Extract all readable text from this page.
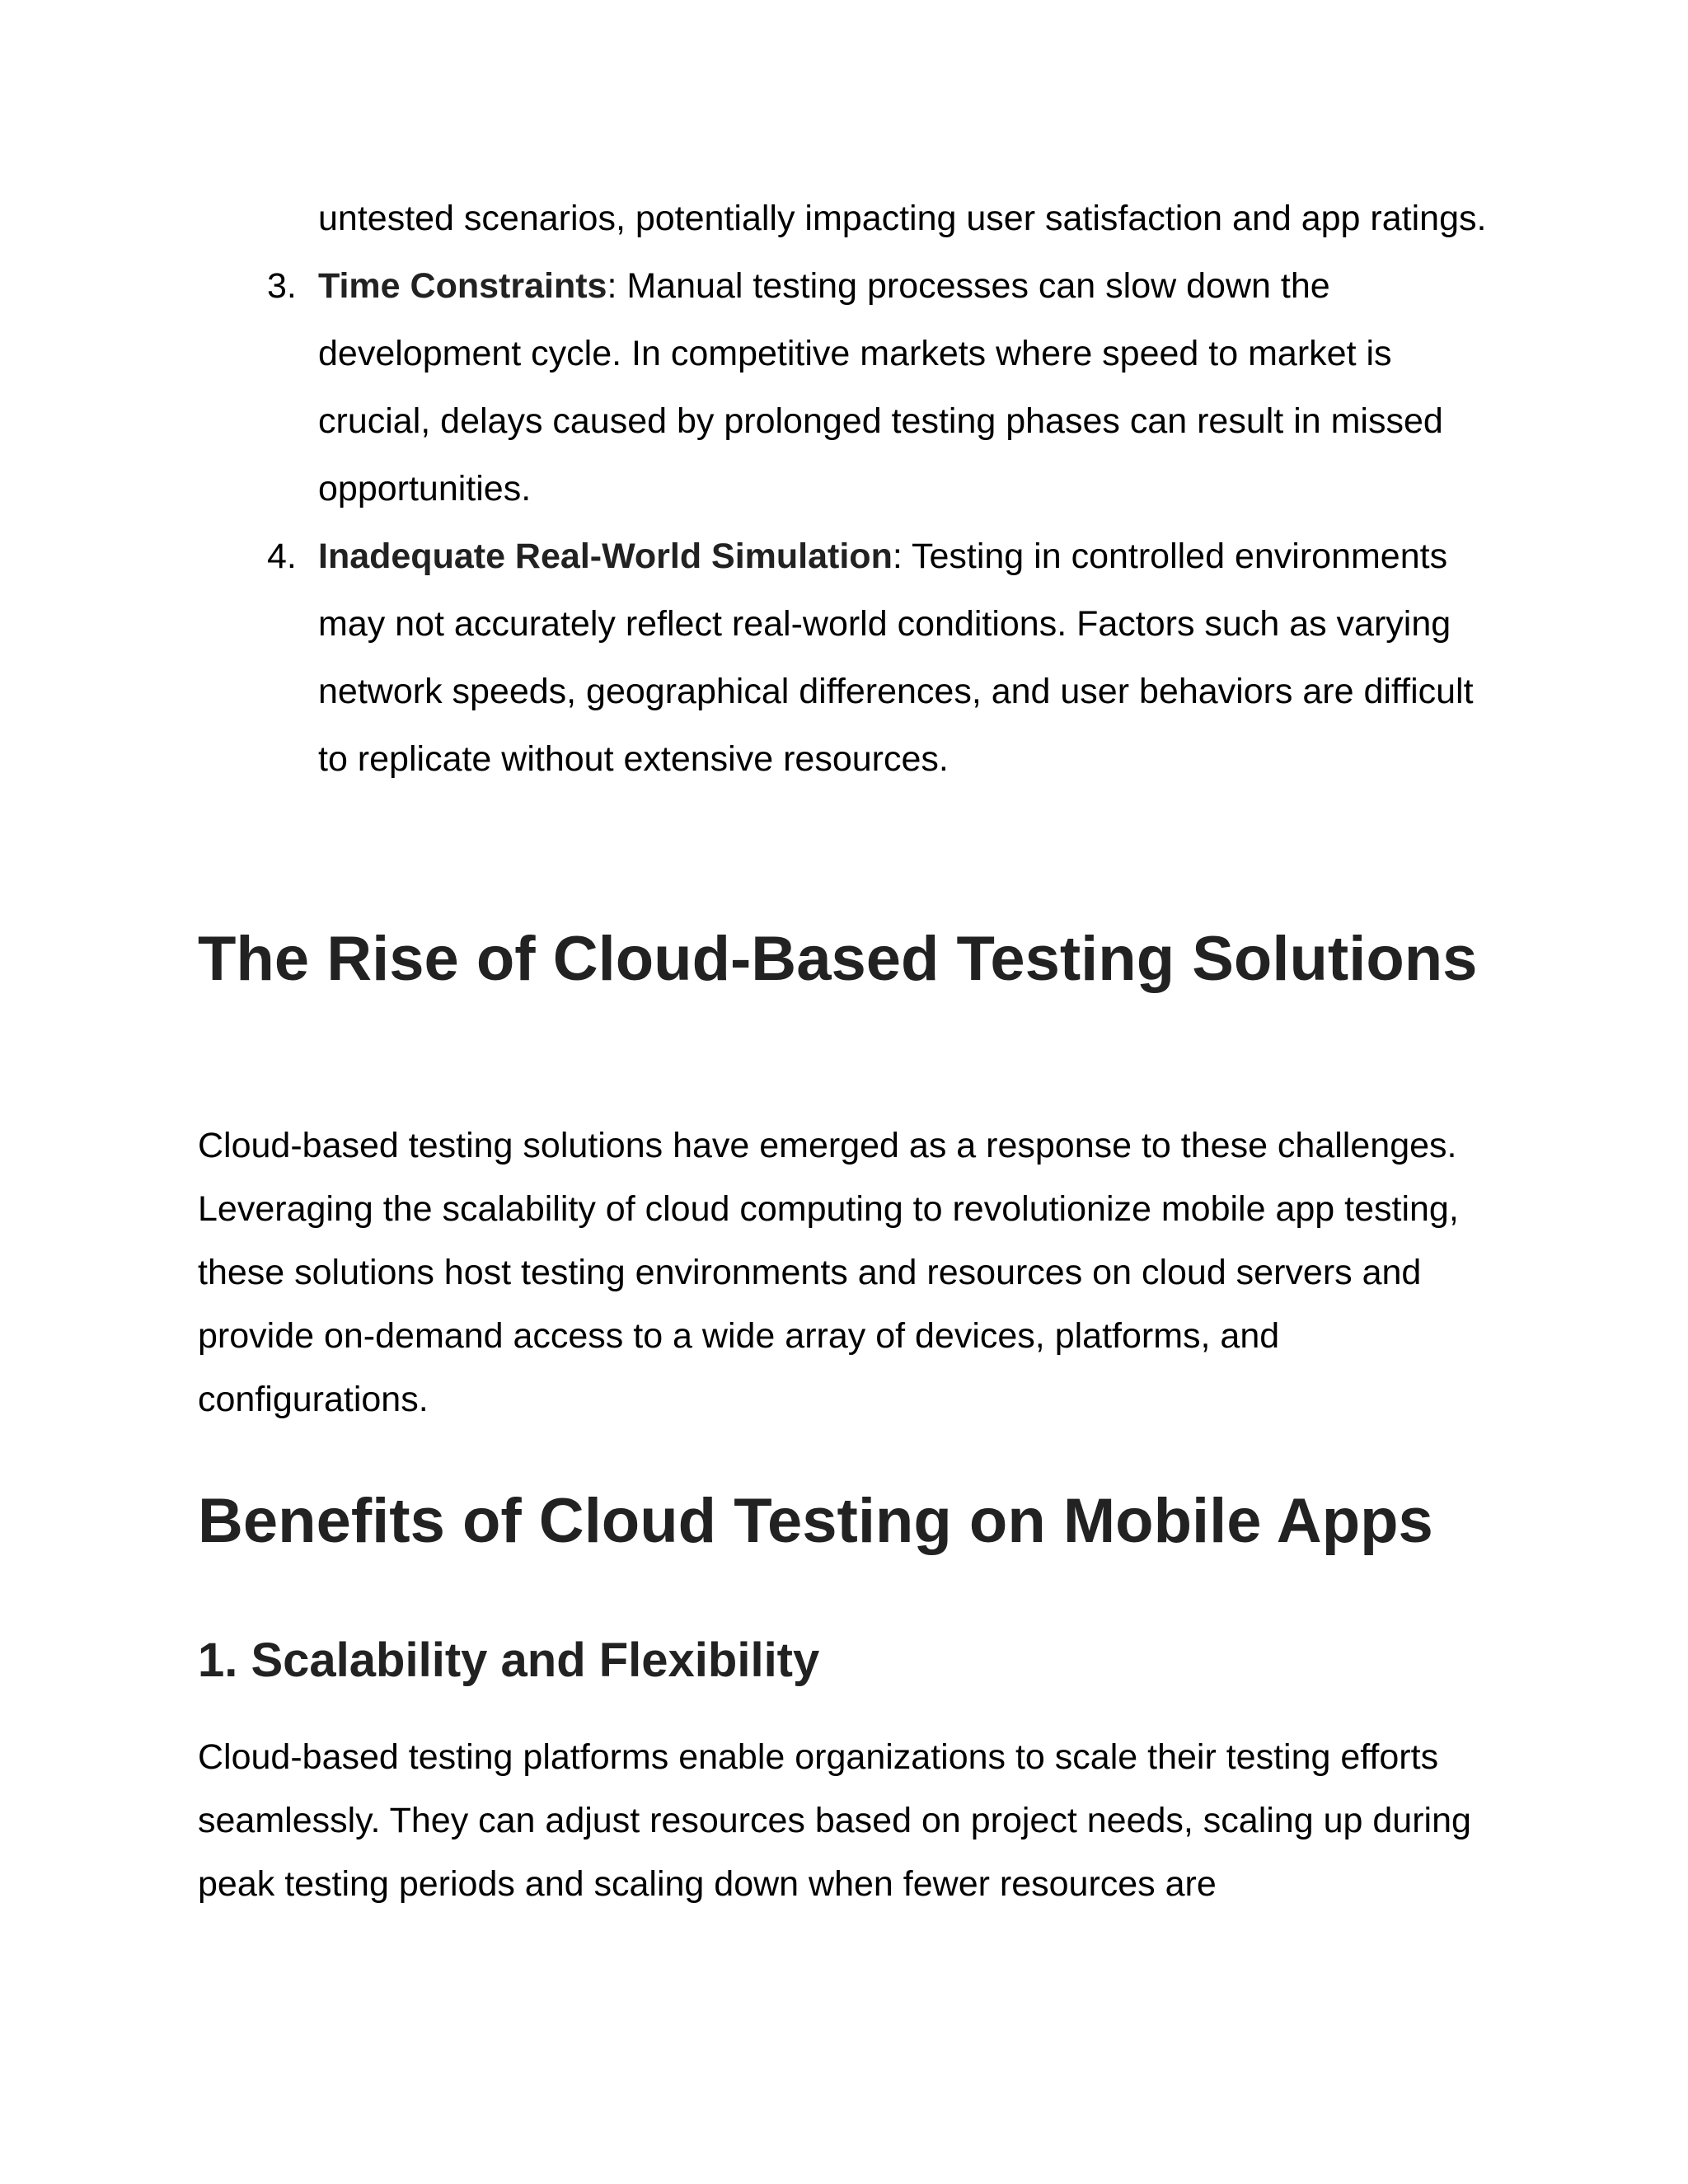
untested scenarios, potentially impacting user satisfaction and app ratings.
3. Time Constraints: Manual testing processes can slow down the development cycle. In competitive markets where speed to market is crucial, delays caused by prolonged testing phases can result in missed opportunities.
4. Inadequate Real-World Simulation: Testing in controlled environments may not accurately reflect real-world conditions. Factors such as varying network speeds, geographical differences, and user behaviors are difficult to replicate without extensive resources.
The Rise of Cloud-Based Testing Solutions

Cloud-based testing solutions have emerged as a response to these challenges. Leveraging the scalability of cloud computing to revolutionize mobile app testing, these solutions host testing environments and resources on cloud servers and provide on-demand access to a wide array of devices, platforms, and configurations.

Benefits of Cloud Testing on Mobile Apps
1. Scalability and Flexibility

Cloud-based testing platforms enable organizations to scale their testing efforts seamlessly. They can adjust resources based on project needs, scaling up during peak testing periods and scaling down when fewer resources are
